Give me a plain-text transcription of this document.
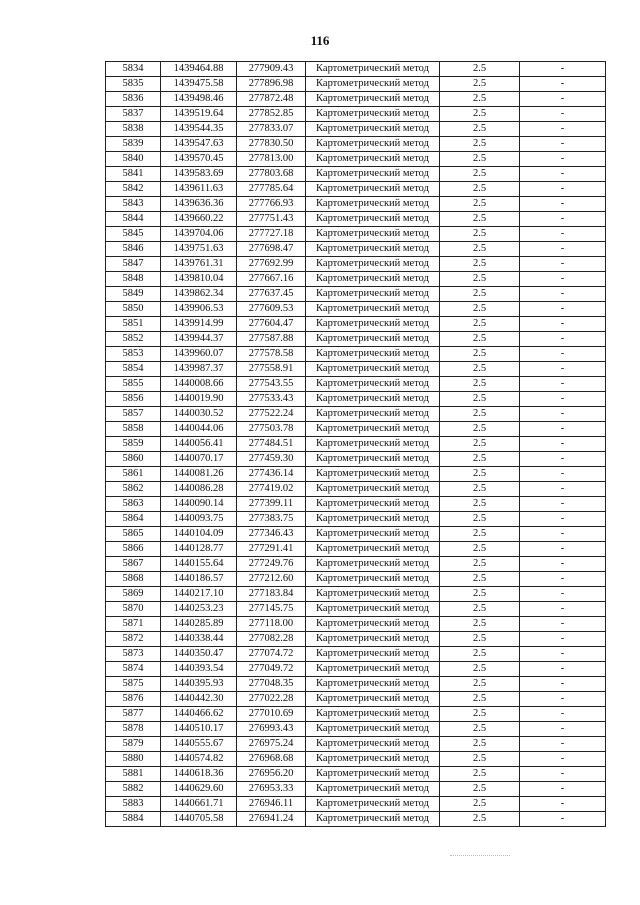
116
5834	1439464.88	277909.43	Картометрический метод	2.5	-
5835	1439475.58	277896.98	Картометрический метод	2.5	-
5836	1439498.46	277872.48	Картометрический метод	2.5	-
5837	1439519.64	277852.85	Картометрический метод	2.5	-
5838	1439544.35	277833.07	Картометрический метод	2.5	-
5839	1439547.63	277830.50	Картометрический метод	2.5	-
5840	1439570.45	277813.00	Картометрический метод	2.5	-
5841	1439583.69	277803.68	Картометрический метод	2.5	-
5842	1439611.63	277785.64	Картометрический метод	2.5	-
5843	1439636.36	277766.93	Картометрический метод	2.5	-
5844	1439660.22	277751.43	Картометрический метод	2.5	-
5845	1439704.06	277727.18	Картометрический метод	2.5	-
5846	1439751.63	277698.47	Картометрический метод	2.5	-
5847	1439761.31	277692.99	Картометрический метод	2.5	-
5848	1439810.04	277667.16	Картометрический метод	2.5	-
5849	1439862.34	277637.45	Картометрический метод	2.5	-
5850	1439906.53	277609.53	Картометрический метод	2.5	-
5851	1439914.99	277604.47	Картометрический метод	2.5	-
5852	1439944.37	277587.88	Картометрический метод	2.5	-
5853	1439960.07	277578.58	Картометрический метод	2.5	-
5854	1439987.37	277558.91	Картометрический метод	2.5	-
5855	1440008.66	277543.55	Картометрический метод	2.5	-
5856	1440019.90	277533.43	Картометрический метод	2.5	-
5857	1440030.52	277522.24	Картометрический метод	2.5	-
5858	1440044.06	277503.78	Картометрический метод	2.5	-
5859	1440056.41	277484.51	Картометрический метод	2.5	-
5860	1440070.17	277459.30	Картометрический метод	2.5	-
5861	1440081.26	277436.14	Картометрический метод	2.5	-
5862	1440086.28	277419.02	Картометрический метод	2.5	-
5863	1440090.14	277399.11	Картометрический метод	2.5	-
5864	1440093.75	277383.75	Картометрический метод	2.5	-
5865	1440104.09	277346.43	Картометрический метод	2.5	-
5866	1440128.77	277291.41	Картометрический метод	2.5	-
5867	1440155.64	277249.76	Картометрический метод	2.5	-
5868	1440186.57	277212.60	Картометрический метод	2.5	-
5869	1440217.10	277183.84	Картометрический метод	2.5	-
5870	1440253.23	277145.75	Картометрический метод	2.5	-
5871	1440285.89	277118.00	Картометрический метод	2.5	-
5872	1440338.44	277082.28	Картометрический метод	2.5	-
5873	1440350.47	277074.72	Картометрический метод	2.5	-
5874	1440393.54	277049.72	Картометрический метод	2.5	-
5875	1440395.93	277048.35	Картометрический метод	2.5	-
5876	1440442.30	277022.28	Картометрический метод	2.5	-
5877	1440466.62	277010.69	Картометрический метод	2.5	-
5878	1440510.17	276993.43	Картометрический метод	2.5	-
5879	1440555.67	276975.24	Картометрический метод	2.5	-
5880	1440574.82	276968.68	Картометрический метод	2.5	-
5881	1440618.36	276956.20	Картометрический метод	2.5	-
5882	1440629.60	276953.33	Картометрический метод	2.5	-
5883	1440661.71	276946.11	Картометрический метод	2.5	-
5884	1440705.58	276941.24	Картометрический метод	2.5	-
